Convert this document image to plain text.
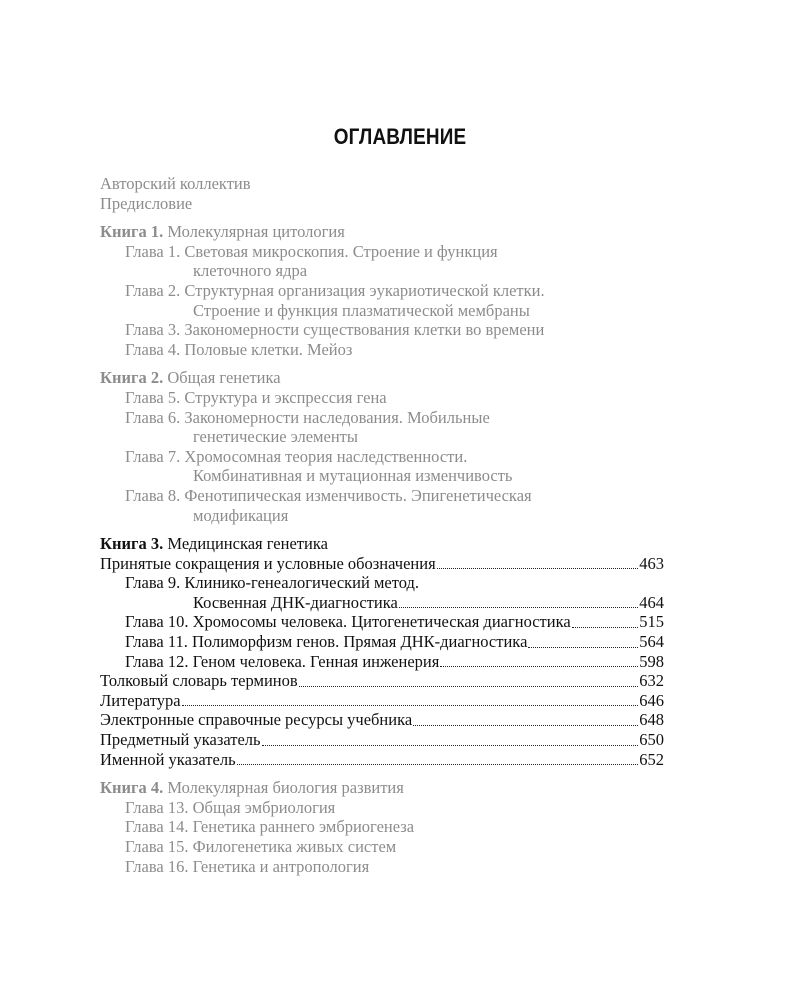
ОГЛАВЛЕНИЕ
Авторский коллектив
Предисловие
Книга 1. Молекулярная цитология
Глава 1. Световая микроскопия. Строение и функция
клеточного ядра
Глава 2. Структурная организация эукариотической клетки.
Строение и функция плазматической мембраны
Глава 3. Закономерности существования клетки во времени
Глава 4. Половые клетки. Мейоз
Книга 2. Общая генетика
Глава 5. Структура и экспрессия гена
Глава 6. Закономерности наследования. Мобильные
генетические элементы
Глава 7. Хромосомная теория наследственности.
Комбинативная и мутационная изменчивость
Глава 8. Фенотипическая изменчивость. Эпигенетическая
модификация
Книга 3. Медицинская генетика
Принятые сокращения и условные обозначения	463
Глава 9. Клинико-генеалогический метод.
Косвенная ДНК-диагностика	464
Глава 10. Хромосомы человека. Цитогенетическая диагностика	515
Глава 11. Полиморфизм генов. Прямая ДНК-диагностика	564
Глава 12. Геном человека. Генная инженерия	598
Толковый словарь терминов	632
Литература	646
Электронные справочные ресурсы учебника	648
Предметный указатель	650
Именной указатель	652
Книга 4. Молекулярная биология развития
Глава 13. Общая эмбриология
Глава 14. Генетика раннего эмбриогенеза
Глава 15. Филогенетика живых систем
Глава 16. Генетика и антропология
